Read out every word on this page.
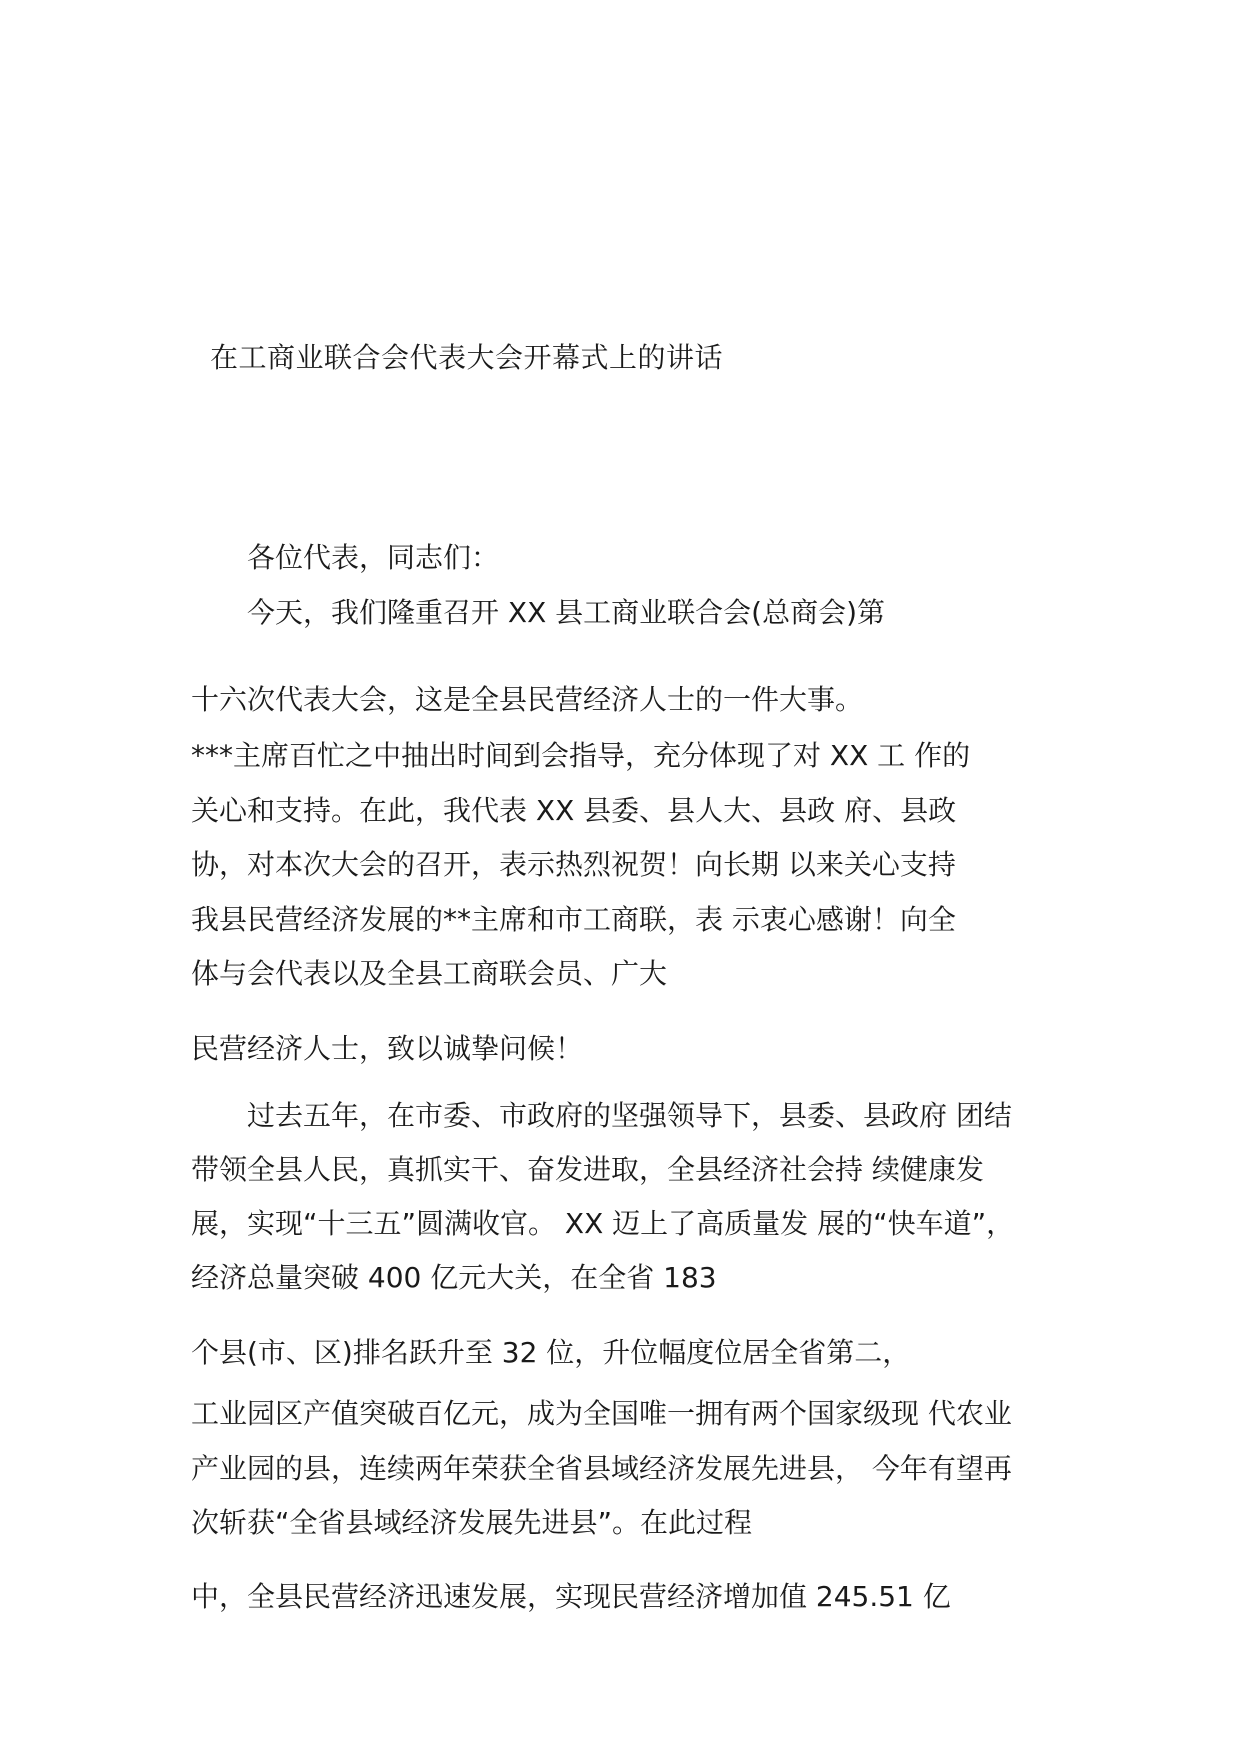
在工商业联合会代表大会开幕式上的讲话
各位代表，同志们：
今天，我们隆重召开 XX 县工商业联合会(总商会)第
十六次代表大会，这是全县民营经济人士的一件大事。
***主席百忙之中抽出时间到会指导，充分体现了对 XX 工 作的
关心和支持。在此，我代表 XX 县委、县人大、县政 府、县政
协，对本次大会的召开，表示热烈祝贺！向长期 以来关心支持
我县民营经济发展的**主席和市工商联，表 示衷心感谢！向全
体与会代表以及全县工商联会员、广大
民营经济人士，致以诚挚问候！
过去五年，在市委、市政府的坚强领导下，县委、县政府 团结
带领全县人民，真抓实干、奋发进取，全县经济社会持 续健康发
展，实现“十三五”圆满收官。 XX 迈上了高质量发 展的“快车道”，
经济总量突破 400 亿元大关，在全省 183
个县(市、区)排名跃升至 32 位，升位幅度位居全省第二，
工业园区产值突破百亿元，成为全国唯一拥有两个国家级现 代农业
产业园的县，连续两年荣获全省县域经济发展先进县， 今年有望再
次斩获“全省县域经济发展先进县”。在此过程
中，全县民营经济迅速发展，实现民营经济增加值 245.51 亿
